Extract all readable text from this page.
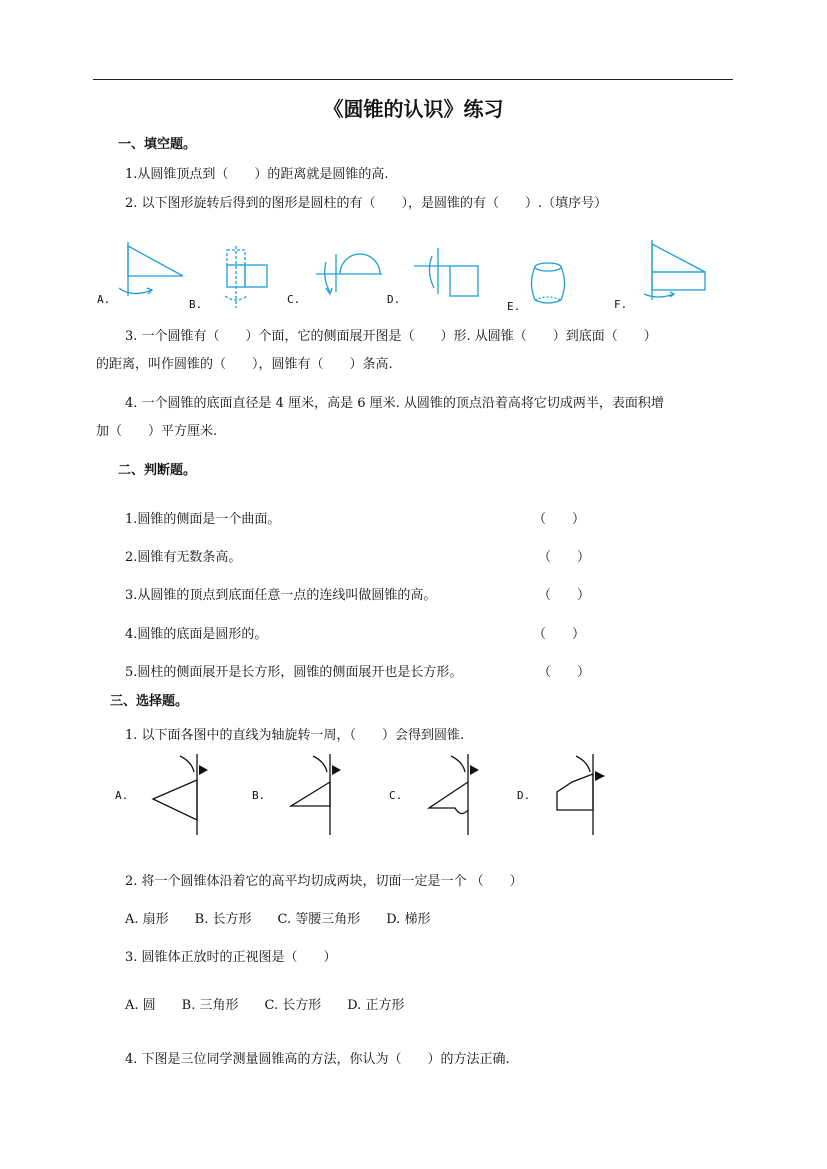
《圆锥的认识》练习
一、填空题。
1.从圆锥顶点到（　　）的距离就是圆锥的高.
2. 以下图形旋转后得到的图形是圆柱的有（　　），是圆锥的有（　　）.（填序号）
A.	B.	C.	D.
E.	F.
3. 一个圆锥有（　　）个面，它的侧面展开图是（　　）形. 从圆锥（　　）到底面（　　）
的距离，叫作圆锥的（　　），圆锥有（　　）条高.
4. 一个圆锥的底面直径是 4 厘米，高是 6 厘米. 从圆锥的顶点沿着高将它切成两半，表面积增
加（　　）平方厘米.
二、判断题。
1.圆锥的侧面是一个曲面。	（　　）
2.圆锥有无数条高。	（　　）
3.从圆锥的顶点到底面任意一点的连线叫做圆锥的高。	（　　）
4.圆锥的底面是圆形的。	（　　）
5.圆柱的侧面展开是长方形，圆锥的侧面展开也是长方形。	（　　）
三、选择题。
1. 以下面各图中的直线为轴旋转一周，（　　）会得到圆锥.
A.	B.	C.	D.
2. 将一个圆锥体沿着它的高平均切成两块，切面一定是一个 （　　）
A. 扇形　　B. 长方形　　C. 等腰三角形　　D. 梯形
3. 圆锥体正放时的正视图是（　　）
A. 圆　　B. 三角形　　C. 长方形　　D. 正方形
4. 下图是三位同学测量圆锥高的方法，你认为（　　）的方法正确.
